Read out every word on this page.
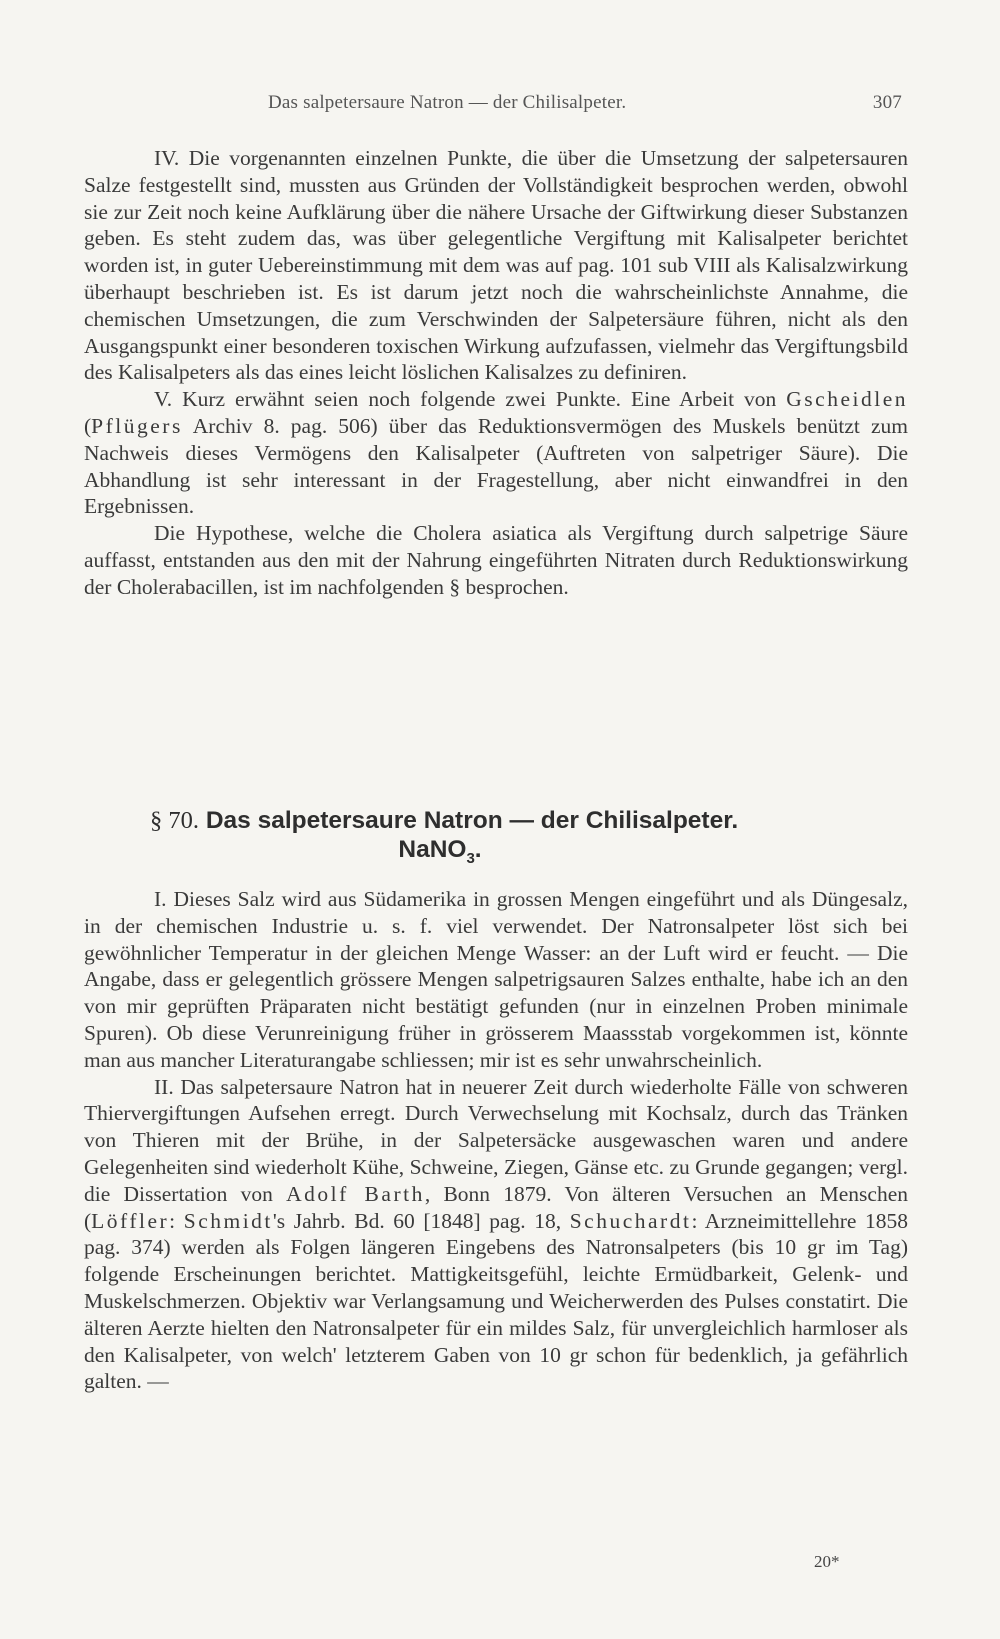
Das salpetersaure Natron — der Chilisalpeter.	307

IV. Die vorgenannten einzelnen Punkte, die über die Umsetzung der salpetersauren Salze festgestellt sind, mussten aus Gründen der Vollständigkeit besprochen werden, obwohl sie zur Zeit noch keine Aufklärung über die nähere Ursache der Giftwirkung dieser Substanzen geben. Es steht zudem das, was über gelegentliche Vergiftung mit Kalisalpeter berichtet worden ist, in guter Uebereinstimmung mit dem was auf pag. 101 sub VIII als Kalisalzwirkung überhaupt beschrieben ist. Es ist darum jetzt noch die wahrscheinlichste Annahme, die chemischen Umsetzungen, die zum Verschwinden der Salpetersäure führen, nicht als den Ausgangspunkt einer besonderen toxischen Wirkung aufzufassen, vielmehr das Vergiftungsbild des Kalisalpeters als das eines leicht löslichen Kalisalzes zu definiren.

V. Kurz erwähnt seien noch folgende zwei Punkte. Eine Arbeit von Gscheidlen (Pflügers Archiv 8. pag. 506) über das Reduktionsvermögen des Muskels benützt zum Nachweis dieses Vermögens den Kalisalpeter (Auftreten von salpetriger Säure). Die Abhandlung ist sehr interessant in der Fragestellung, aber nicht einwandfrei in den Ergebnissen.

Die Hypothese, welche die Cholera asiatica als Vergiftung durch salpetrige Säure auffasst, entstanden aus den mit der Nahrung eingeführten Nitraten durch Reduktionswirkung der Cholerabacillen, ist im nachfolgenden § besprochen.

§ 70. Das salpetersaure Natron — der Chilisalpeter.
NaNO$_3$.

I. Dieses Salz wird aus Südamerika in grossen Mengen eingeführt und als Düngesalz, in der chemischen Industrie u. s. f. viel verwendet. Der Natronsalpeter löst sich bei gewöhnlicher Temperatur in der gleichen Menge Wasser: an der Luft wird er feucht. — Die Angabe, dass er gelegentlich grössere Mengen salpetrigsauren Salzes enthalte, habe ich an den von mir geprüften Präparaten nicht bestätigt gefunden (nur in einzelnen Proben minimale Spuren). Ob diese Verunreinigung früher in grösserem Maassstab vorgekommen ist, könnte man aus mancher Literaturangabe schliessen; mir ist es sehr unwahrscheinlich.

II. Das salpetersaure Natron hat in neuerer Zeit durch wiederholte Fälle von schweren Thiervergiftungen Aufsehen erregt. Durch Verwechselung mit Kochsalz, durch das Tränken von Thieren mit der Brühe, in der Salpetersäcke ausgewaschen waren und andere Gelegenheiten sind wiederholt Kühe, Schweine, Ziegen, Gänse etc. zu Grunde gegangen; vergl. die Dissertation von Adolf Barth, Bonn 1879. Von älteren Versuchen an Menschen (Löffler: Schmidt's Jahrb. Bd. 60 [1848] pag. 18, Schuchardt: Arzneimittellehre 1858 pag. 374) werden als Folgen längeren Eingebens des Natronsalpeters (bis 10 gr im Tag) folgende Erscheinungen berichtet. Mattigkeitsgefühl, leichte Ermüdbarkeit, Gelenk- und Muskelschmerzen. Objektiv war Verlangsamung und Weicherwerden des Pulses constatirt. Die älteren Aerzte hielten den Natronsalpeter für ein mildes Salz, für unvergleichlich harmloser als den Kalisalpeter, von welch' letzterem Gaben von 10 gr schon für bedenklich, ja gefährlich galten. —

20*
